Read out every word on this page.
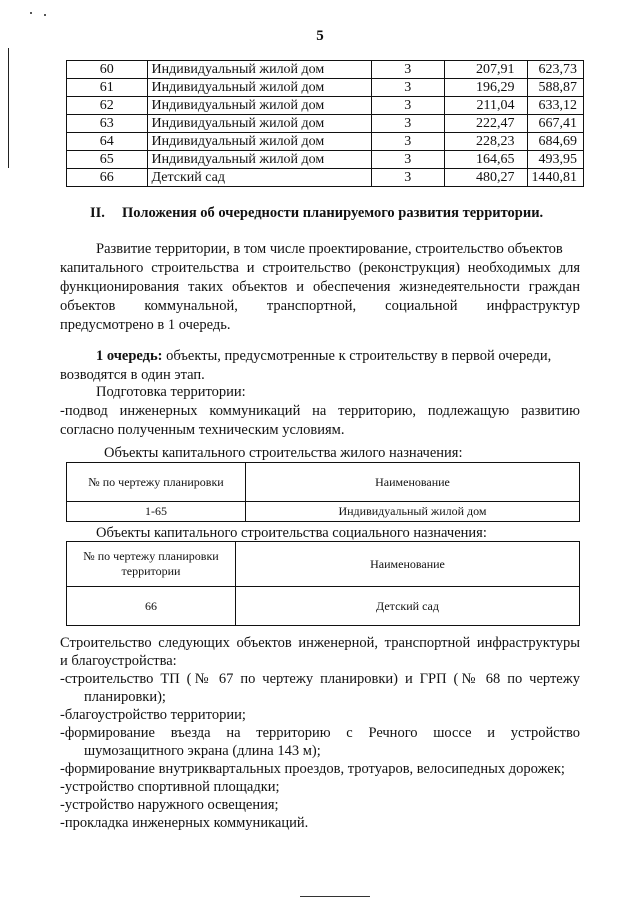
5
60	Индивидуальный жилой дом	3	207,91	623,73
61	Индивидуальный жилой дом	3	196,29	588,87
62	Индивидуальный жилой дом	3	211,04	633,12
63	Индивидуальный жилой дом	3	222,47	667,41
64	Индивидуальный жилой дом	3	228,23	684,69
65	Индивидуальный жилой дом	3	164,65	493,95
66	Детский сад	3	480,27	1440,81
II. Положения об очередности планируемого развития территории.
Развитие территории, в том числе проектирование, строительство объектов
капитального строительства и строительство (реконструкция) необходимых для
функционирования таких объектов и обеспечения жизнедеятельности граждан
объектов коммунальной, транспортной, социальной инфраструктур
предусмотрено в 1 очередь.
1 очередь: объекты, предусмотренные к строительству в первой очереди,
возводятся в один этап.
Подготовка территории:
-подвод инженерных коммуникаций на территорию, подлежащую развитию
согласно полученным техническим условиям.
Объекты капитального строительства жилого назначения:
№ по чертежу планировки	Наименование
1-65	Индивидуальный жилой дом
Объекты капитального строительства социального назначения:
№ по чертежу планировки
территории	Наименование
66	Детский сад
Строительство следующих объектов инженерной, транспортной инфраструктуры
и благоустройства:
-строительство ТП (№ 67 по чертежу планировки) и ГРП (№ 68 по чертежу
планировки);
-благоустройство территории;
-формирование въезда на территорию с Речного шоссе и устройство
шумозащитного экрана (длина 143 м);
-формирование внутриквартальных проездов, тротуаров, велосипедных дорожек;
-устройство спортивной площадки;
-устройство наружного освещения;
-прокладка инженерных коммуникаций.
